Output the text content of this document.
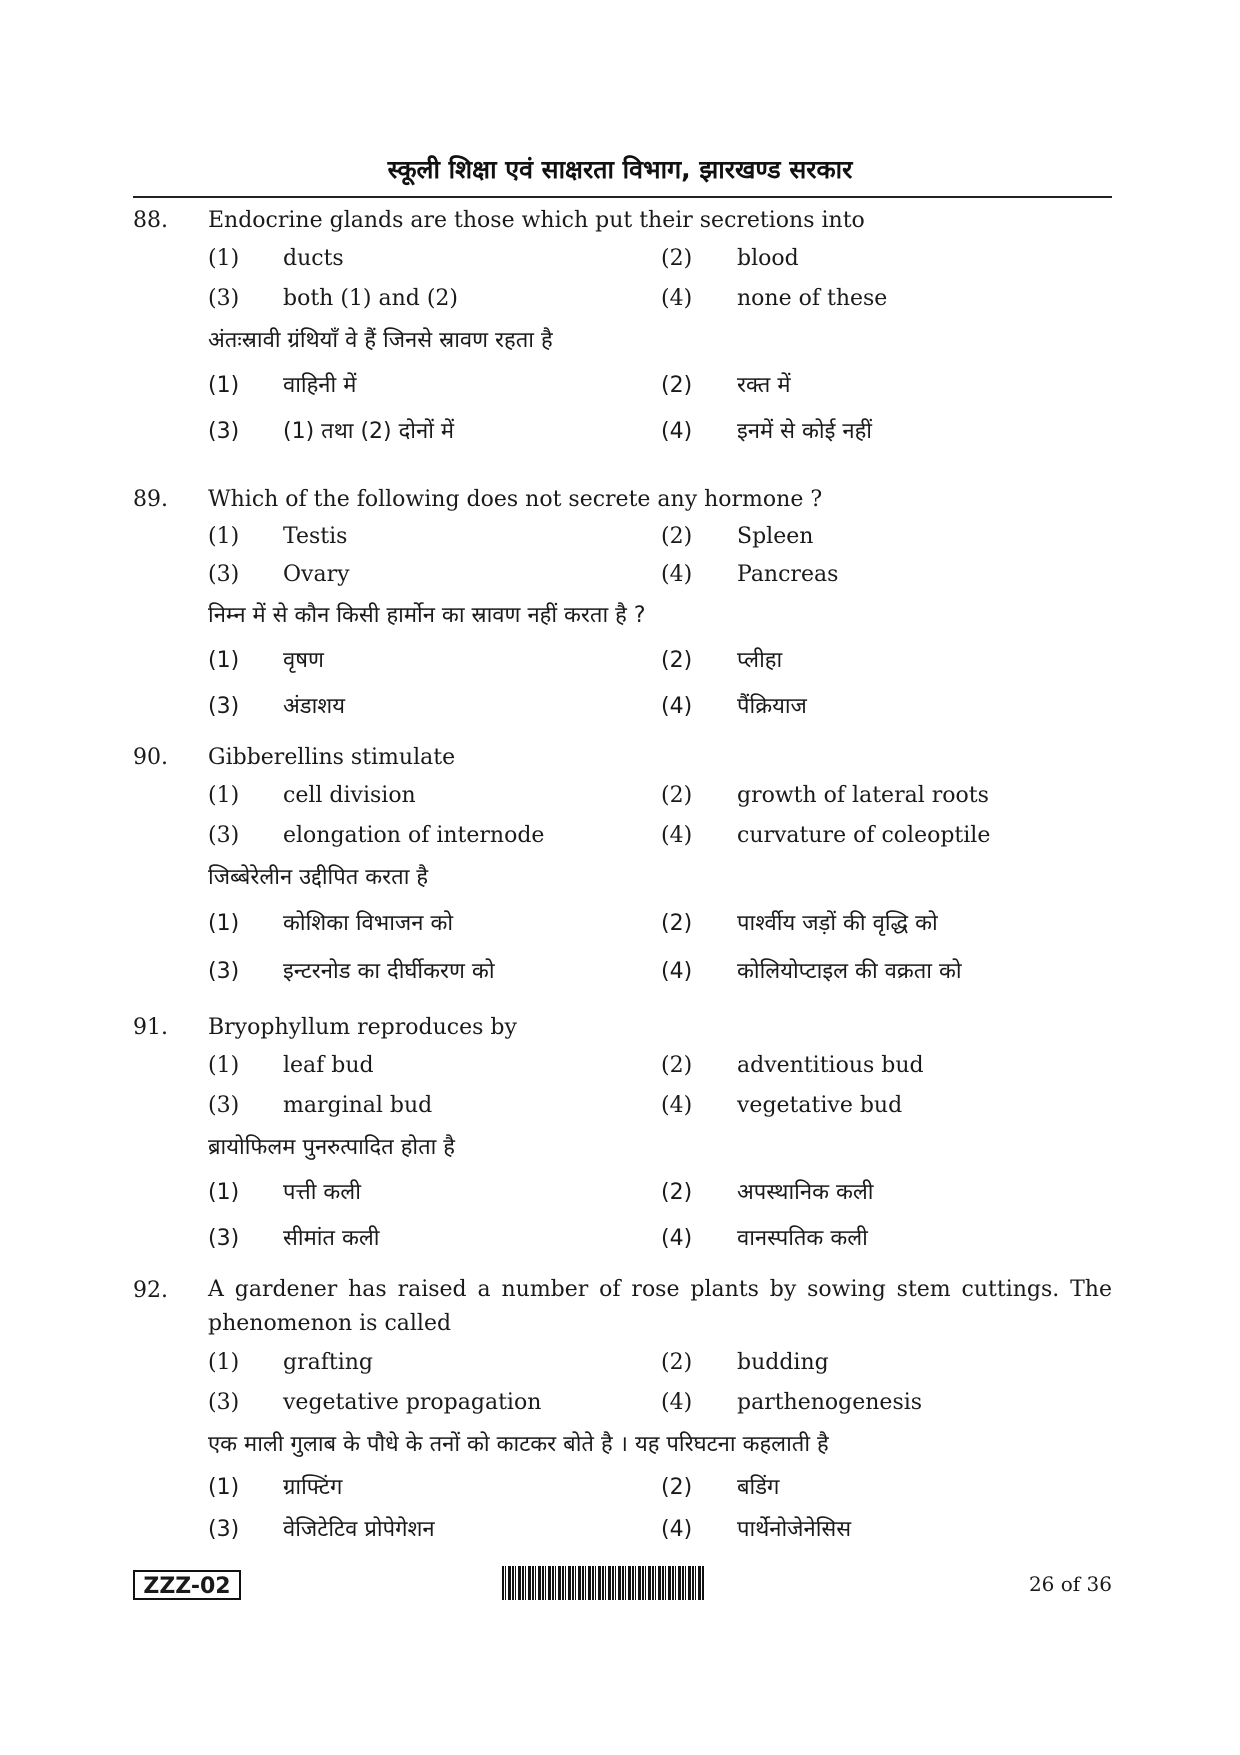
स्कूली शिक्षा एवं साक्षरता विभाग, झारखण्ड सरकार
88. Endocrine glands are those which put their secretions into
(1) ducts	(2) blood
(3) both (1) and (2)	(4) none of these
अंतःस्रावी ग्रंथियाँ वे हैं जिनसे स्रावण रहता है
(1) वाहिनी में	(2) रक्त में
(3) (1) तथा (2) दोनों में	(4) इनमें से कोई नहीं
89. Which of the following does not secrete any hormone ?
(1) Testis	(2) Spleen
(3) Ovary	(4) Pancreas
निम्न में से कौन किसी हार्मोन का स्रावण नहीं करता है ?
(1) वृषण	(2) प्लीहा
(3) अंडाशय	(4) पैंक्रियाज
90. Gibberellins stimulate
(1) cell division	(2) growth of lateral roots
(3) elongation of internode	(4) curvature of coleoptile
जिब्बेरेलीन उद्दीपित करता है
(1) कोशिका विभाजन को	(2) पार्श्वीय जड़ों की वृद्धि को
(3) इन्टरनोड का दीर्घीकरण को	(4) कोलियोप्टाइल की वक्रता को
91. Bryophyllum reproduces by
(1) leaf bud	(2) adventitious bud
(3) marginal bud	(4) vegetative bud
ब्रायोफिलम पुनरुत्पादित होता है
(1) पत्ती कली	(2) अपस्थानिक कली
(3) सीमांत कली	(4) वानस्पतिक कली
92. A gardener has raised a number of rose plants by sowing stem cuttings. The phenomenon is called
(1) grafting	(2) budding
(3) vegetative propagation	(4) parthenogenesis
एक माली गुलाब के पौधे के तनों को काटकर बोते है । यह परिघटना कहलाती है
(1) ग्राफ्टिंग	(2) बडिंग
(3) वेजिटेटिव प्रोपेगेशन	(4) पार्थेनोजेनेसिस
ZZZ-02	26 of 36
